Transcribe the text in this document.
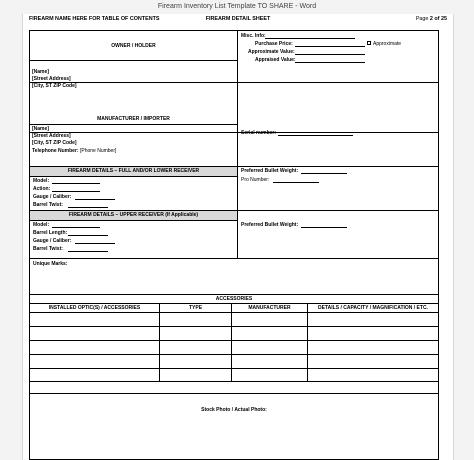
Firearm Inventory List Template TO SHARE - Word
FIREARM NAME HERE FOR TABLE OF CONTENTS	FIREARM DETAIL SHEET	Page 2 of 25
OWNER / HOLDER
[Name]
[Street Address]
[City, ST ZIP Code]
Misc. Info:
Purchase Price:	Approximate
Approximate Value:
Appraised Value:
MANUFACTURER / IMPORTER
[Name]
[Street Address]
[City, ST ZIP Code]
Telephone Number: [Phone Number]
Serial number:
FIREARM DETAILS – FULL AND/OR LOWER RECEIVER
Model:
Action:
Gauge / Caliber:
Barrel Twist:
Preferred Bullet Weight:
Pro Number:
FIREARM DETAILS – UPPER RECEIVER (If Applicable)
Model:
Barrel Length:
Gauge / Caliber:
Barrel Twist:
Preferred Bullet Weight:
Unique Marks:
ACCESSORIES
INSTALLED OPTIC(S) / ACCESSORIES	TYPE	MANUFACTURER	DETAILS / CAPACITY / MAGNIFICATION / ETC.
Stock Photo / Actual Photo:
